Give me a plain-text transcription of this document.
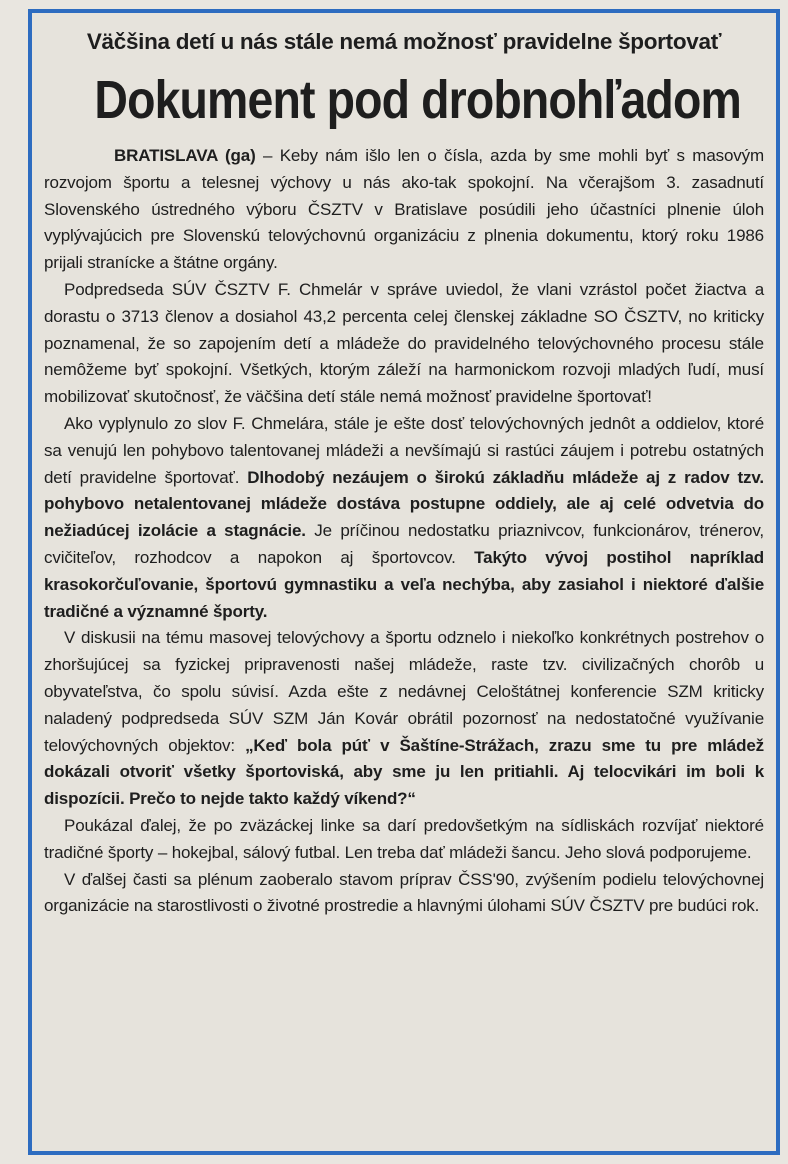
Väčšina detí u nás stále nemá možnosť pravidelne športovať
Dokument pod drobnohľadom

BRATISLAVA (ga) – Keby nám išlo len o čísla, azda by sme mohli byť s masovým rozvojom športu a telesnej výchovy u nás ako-tak spokojní. Na včerajšom 3. zasadnutí Slovenského ústredného výboru ČSZTV v Bratislave posúdili jeho účastníci plnenie úloh vyplývajúcich pre Slovenskú telovýchovnú organizáciu z plnenia dokumentu, ktorý roku 1986 prijali stranícke a štátne orgány.

Podpredseda SÚV ČSZTV F. Chmelár v správe uviedol, že vlani vzrástol počet žiactva a dorastu o 3713 členov a dosiahol 43,2 percenta celej členskej základne SO ČSZTV, no kriticky poznamenal, že so zapojením detí a mládeže do pravidelného telovýchovného procesu stále nemôžeme byť spokojní. Všetkých, ktorým záleží na harmonickom rozvoji mladých ľudí, musí mobilizovať skutočnosť, že väčšina detí stále nemá možnosť pravidelne športovať!

Ako vyplynulo zo slov F. Chmelára, stále je ešte dosť telovýchovných jednôt a oddielov, ktoré sa venujú len pohybovo talentovanej mládeži a nevšímajú si rastúci záujem i potrebu ostatných detí pravidelne športovať. Dlhodobý nezáujem o širokú základňu mládeže aj z radov tzv. pohybovo netalentovanej mládeže dostáva postupne oddiely, ale aj celé odvetvia do nežiadúcej izolácie a stagnácie. Je príčinou nedostatku priaznivcov, funkcionárov, trénerov, cvičiteľov, rozhodcov a napokon aj športovcov. Takýto vývoj postihol napríklad krasokorčuľovanie, športovú gymnastiku a veľa nechýba, aby zasiahol i niektoré ďalšie tradičné a významné športy.

V diskusii na tému masovej telovýchovy a športu odznelo i niekoľko konkrétnych postrehov o zhoršujúcej sa fyzickej pripravenosti našej mládeže, raste tzv. civilizačných chorôb u obyvateľstva, čo spolu súvisí. Azda ešte z nedávnej Celoštátnej konferencie SZM kriticky naladený podpredseda SÚV SZM Ján Kovár obrátil pozornosť na nedostatočné využívanie telovýchovných objektov: „Keď bola púť v Šaštíne-Strážach, zrazu sme tu pre mládež dokázali otvoriť všetky športoviská, aby sme ju len pritiahli. Aj telocvikári im boli k dispozícii. Prečo to nejde takto každý víkend?“

Poukázal ďalej, že po zväzáckej linke sa darí predovšetkým na sídliskách rozvíjať niektoré tradičné športy – hokejbal, sálový futbal. Len treba dať mládeži šancu. Jeho slová podporujeme.

V ďalšej časti sa plénum zaoberalo stavom príprav ČSS'90, zvýšením podielu telovýchovnej organizácie na starostlivosti o životné prostredie a hlavnými úlohami SÚV ČSZTV pre budúci rok.
